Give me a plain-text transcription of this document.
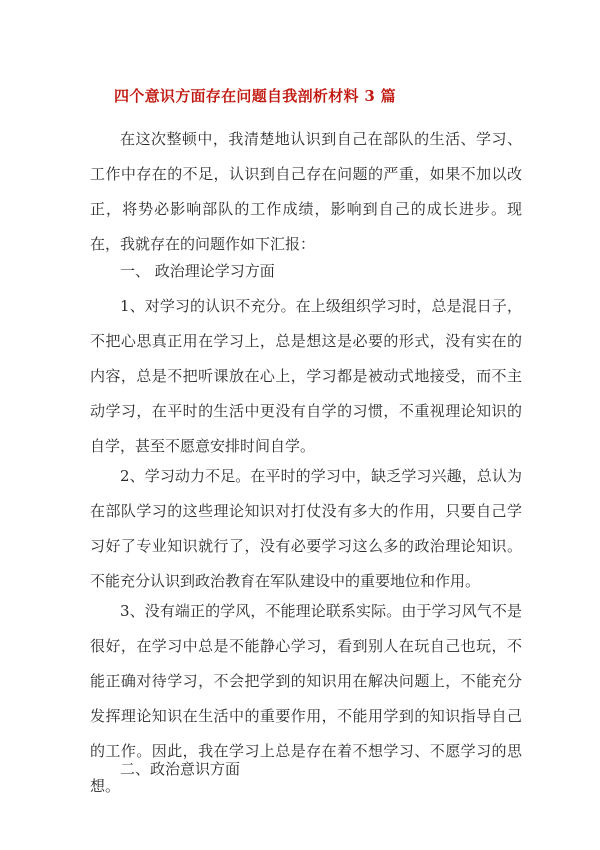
四个意识方面存在问题自我剖析材料 3 篇

在这次整顿中，我清楚地认识到自己在部队的生活、学习、工作中存在的不足，认识到自己存在问题的严重，如果不加以改正，将势必影响部队的工作成绩，影响到自己的成长进步。现在，我就存在的问题作如下汇报：

一、 政治理论学习方面

1、对学习的认识不充分。在上级组织学习时，总是混日子，不把心思真正用在学习上，总是想这是必要的形式，没有实在的内容，总是不把听课放在心上，学习都是被动式地接受，而不主动学习，在平时的生活中更没有自学的习惯，不重视理论知识的自学，甚至不愿意安排时间自学。

2、学习动力不足。在平时的学习中，缺乏学习兴趣，总认为在部队学习的这些理论知识对打仗没有多大的作用，只要自己学习好了专业知识就行了，没有必要学习这么多的政治理论知识。不能充分认识到政治教育在军队建设中的重要地位和作用。

3、没有端正的学风，不能理论联系实际。由于学习风气不是很好，在学习中总是不能静心学习，看到别人在玩自己也玩，不能正确对待学习，不会把学到的知识用在解决问题上，不能充分发挥理论知识在生活中的重要作用，不能用学到的知识指导自己的工作。因此，我在学习上总是存在着不想学习、不愿学习的思想。

二、政治意识方面
